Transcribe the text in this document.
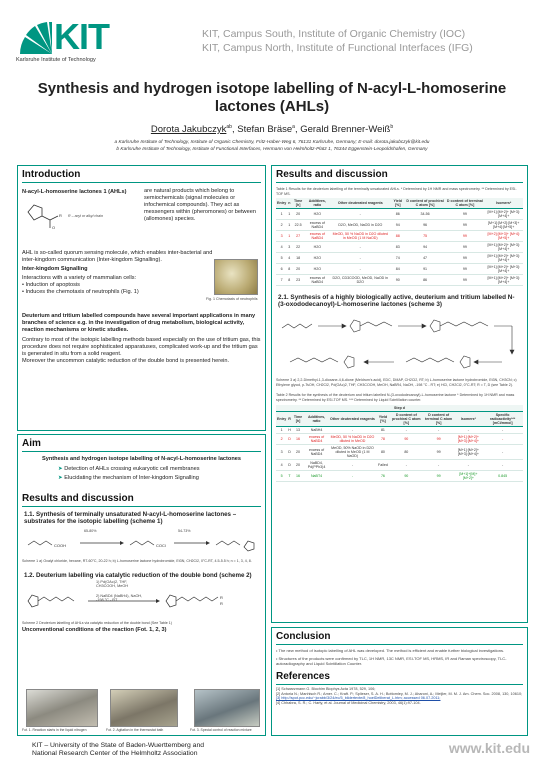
KIT
Karlsruhe Institute of Technology
KIT, Campus South, Institute of Organic Chemistry (IOC)
KIT, Campus North, Institute of Functional Interfaces (IFG)
Synthesis and hydrogen isotope labelling of N-acyl-L-homoserine
lactones (AHLs)
Dorota Jakubczyk$^{ab}$, Stefan Bräse$^a$, Gerald Brenner-Weiß$^b$
a Karlsruhe Institute of Technology, Institute of Organic Chemistry, Fritz-Haber-Weg 6, 76131 Karlsruhe, Germany; E-mail: dorota.jakubczyk@kit.edu
b Karlsruhe Institute of Technology, Institute of Functional Interfaces, Hermann von Helmholtz-Platz 1, 76344 Eggenstein-Leopoldshafen, Germany
Introduction
N-acyl-L-homoserine lactones 1 (AHLs)
O
R R – acyl or alkyl chain
are natural products which belong to semiochemicals (signal molecules or infochemical compounds). They act as messengers within (pheromones) or between (allomones) species.
AHL is so-called quorum sensing molecule, which enables inter-bacterial and inter-kingdom communication (Inter-kingdom Signalling).
Inter-kingdom Signalling
Interactions with a variety of mammalian cells:
• Induction of apoptosis
• Induces the chemotaxis of neutrophils (Fig. 1)
Fig. 1 Chemotaxis of neutrophils
Deuterium and tritium labelled compounds have several important applications in many branches of science e.g. in the investigation of drug metabolism, biological activity, reaction mechanisms or kinetic studies.
Contrary to most of the isotopic labelling methods based especially on the use of tritium gas, this procedure does not require sophisticated apparatuses, complicated work-up and the tritium gas is generated in situ from a solid reagent.
Moreover the uncommon catalytic reduction of the double bond is presented herein.
Aim
Synthesis and hydrogen isotope labelling of N-acyl-L-homoserine lactones
➤ Detection of AHLs crossing eukaryotic cell membranes
➤ Elucidating the mechanism of Inter-kingdom Signalling
Results and discussion
1.1. Synthesis of terminally unsaturated N-acyl-L-homoserine lactones – substrates for the isotopic labelling (scheme 1)
COOH	COCl
65-80%	54-73%
Scheme 1 a) Oxalyl chloride, hexane, RT-60°C, 20-22 h; b) L-homoserine lactone hydrobromide, Et3N, CH2Cl2, 0°C-RT, 4.5-5.5 h; n = 1, 3, 4, 8.
1.2. Deuterium labelling via catalytic reduction of the double bond (scheme 2)
R
R
1) Pd(OAc)2, THF,
CH3COOH, MeOH
2) NaBD4 (NaBH4), NaOH,
-198 °C - RT
Scheme 2 Deuterium labelling of AHLs via catalytic reduction of the double bond (See Table 1)
Unconventional conditions of the reaction (Fot. 1, 2, 3)
Fot. 1. Reaction starts in the liquid nitrogen	Fot. 2. Agitation in the thermostat bath	Fot. 3. Special control of reaction mixture
Results and discussion
Table 1 Results for the deuterium labelling of the terminally unsaturated AHLs. * Determined by 1H NMR and mass spectrometry. ** Determined by ESI-TOF MS.
Entry	n	Time [h]	Additives, ratio	Other deuterated reagents	Yield [%]	D content of prochiral C atom [%]	D content of terminal C atom [%]	Isomers*
1	1	20	H2O	-	86	34-56	99	[M+1]:[M+2]+ [M+3]:[M+4]+
2	1	22.5	excess of NaBD4	D2O, MeOD, NaOD in D2O	94	96	99	[M+1]:[M+2]:[M+3]+ [M+4]:[M+5]+
3	1	27	excess of NaBD4	MeOD, 50 % NaOD in D2O diluted in MeOD (1 M NaOD)	88	75	99	[M+2]:[M+3]+ [M+4]:[M+5]+
4	3	22	H2O	-	83	94	99	[M+1]:[M+2]+ [M+3]:[M+4]+
5	4	18	H2O	-	74	47	99	[M+1]:[M+2]+ [M+3]:[M+4]+
6	8	20	H2O	-	84	91	99	[M+1]:[M+2]+ [M+3]:[M+4]+
7	8	23	excess of NaBD4	D2O, CD3COOD, MeOD, NaOD in D2O	90	86	99	[M+1]:[M+2]+ [M+3]:[M+4]+
2.1. Synthesis of a highly biologically active, deuterium and tritium labelled N-(3-oxododecanoyl)-L-homoserine lactones (scheme 3)
Scheme 3 a) 2,2-Dimethyl-1,3-dioxane-4,6-dione (Meldrum's acid), EDC, DMAP, CH2Cl2, RT; b) L-homoserine lactone hydrobromide, Et3N, CH3CN; c) Ethylene glycol, p-TsOH, CH2Cl2, Pd(OAc)2, THF, CH3COOH, MeOH, NaBR4, NaOH, -198 °C - RT; e) HCl, CH2Cl2, 0°C-RT; R = T, D (see Table 2).
Table 2 Results for the synthesis of the deuterium and tritium labelled N-(3-oxododecanoyl)-L-homoserine lactone * Determined by 1H NMR and mass spectrometry. ** Determined by ESI-TOF MS. *** Determined by Liquid Scintillation counter.
Step d									
Entry	R	Time [h]	Additives, ratio	Other deuterated reagents	Yield [%]	D content of prochiral C atom [%]	D content of terminal C atom [%]	Isomers*	Specific radioactivity*** [mCi/mmol]
1	H	13	NaBH4	-	81	-	-	-	-
2	D	16	excess of NaBD4	MeOD, 50 % NaOD in D2O diluted in MeOD	78	90	99	[M+1]:[M+2]+ [M+3]:[M+4]+	-
3	D	20	excess of NaBD4	MeOD, 50% NaOD in D2O diluted in MeOD (1 M NaOD)	80	80	99	[M+1]:[M+2]+ [M+3]:[M+4]+	-
4	D	20	NaBD4, Pd(PPh3)4	-	Failed	-	-	-	-
5	T	16	NaBT4	-	76	90	99	[M+1]+[M]+ [M+2]+	0.845
Conclusion
• The new method of isotopic labelling of AHL was developed. The method is efficient and enable further biological investigations.
• Structures of the products were confirmed by TLC, 1H NMR, 13C NMR, ESI-TOF MS, HRMS, IR and Raman spectroscopy, TLC-autoradiography and Liquid Scintillation Counter.
References
[1] Schwarzmann G. Biochim Biophys Acta 1978, 529, 106;
[2] Antoria N.; Manhisch R.; Amer. C.; Kraft. P.; Splieser, S. A. H.; Bottomley, M. J.; Aharoni, A.; Meijler, M. M. J. Am. Chem. Soc. 2008, 130, 10610;
[3] http://spot.pcc.edu/~jcrabb/3/24/ec/5_bildertexte/8_hoelDeliberat_L.htm; accessed 06.07.2011;
[4] Chhabra, S. R.; C. Harty, et al. Journal of Medicinal Chemistry, 2003, 46(1):97-104.
KIT – University of the State of Baden-Wuerttemberg and
National Research Center of the Helmholtz Association	www.kit.edu
